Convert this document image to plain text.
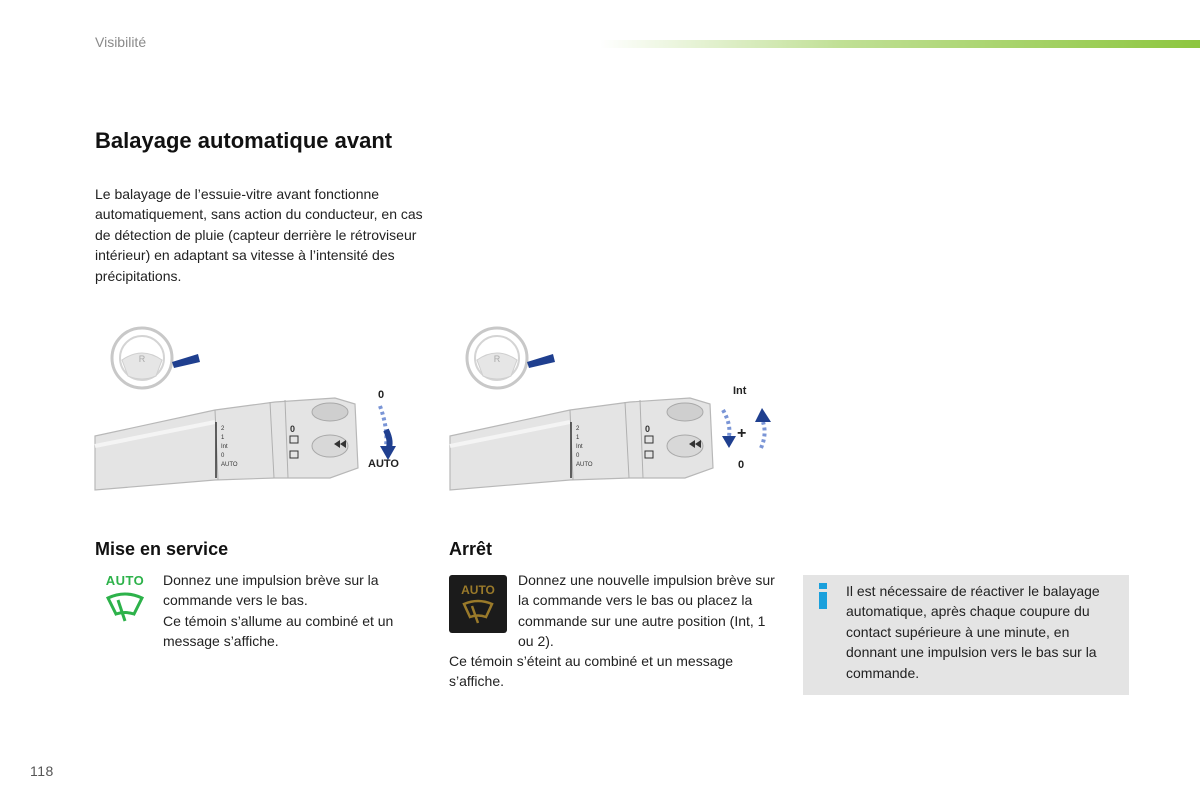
Visibilité
Balayage automatique avant
Le balayage de l’essuie-vitre avant fonctionne automatiquement, sans action du conducteur, en cas de détection de pluie (capteur derrière le rétroviseur intérieur) en adaptant sa vitesse à l’intensité des précipitations.
R
2
1
Int
0
AUTO
0
0
AUTO
R
2
1
Int
0
AUTO
0
Int
+
0
Mise en service
AUTO	Donnez une impulsion brève sur la commande vers le bas.
Ce témoin s’allume au combiné et un message s’affiche.
Arrêt
AUTO
Donnez une nouvelle impulsion brève sur la commande vers le bas ou placez la commande sur une autre position (Int, 1 ou 2).
Ce témoin s’éteint au combiné et un message s’affiche.
Il est nécessaire de réactiver le balayage automatique, après chaque coupure du contact supérieure à une minute, en donnant une impulsion vers le bas sur la commande.
118
